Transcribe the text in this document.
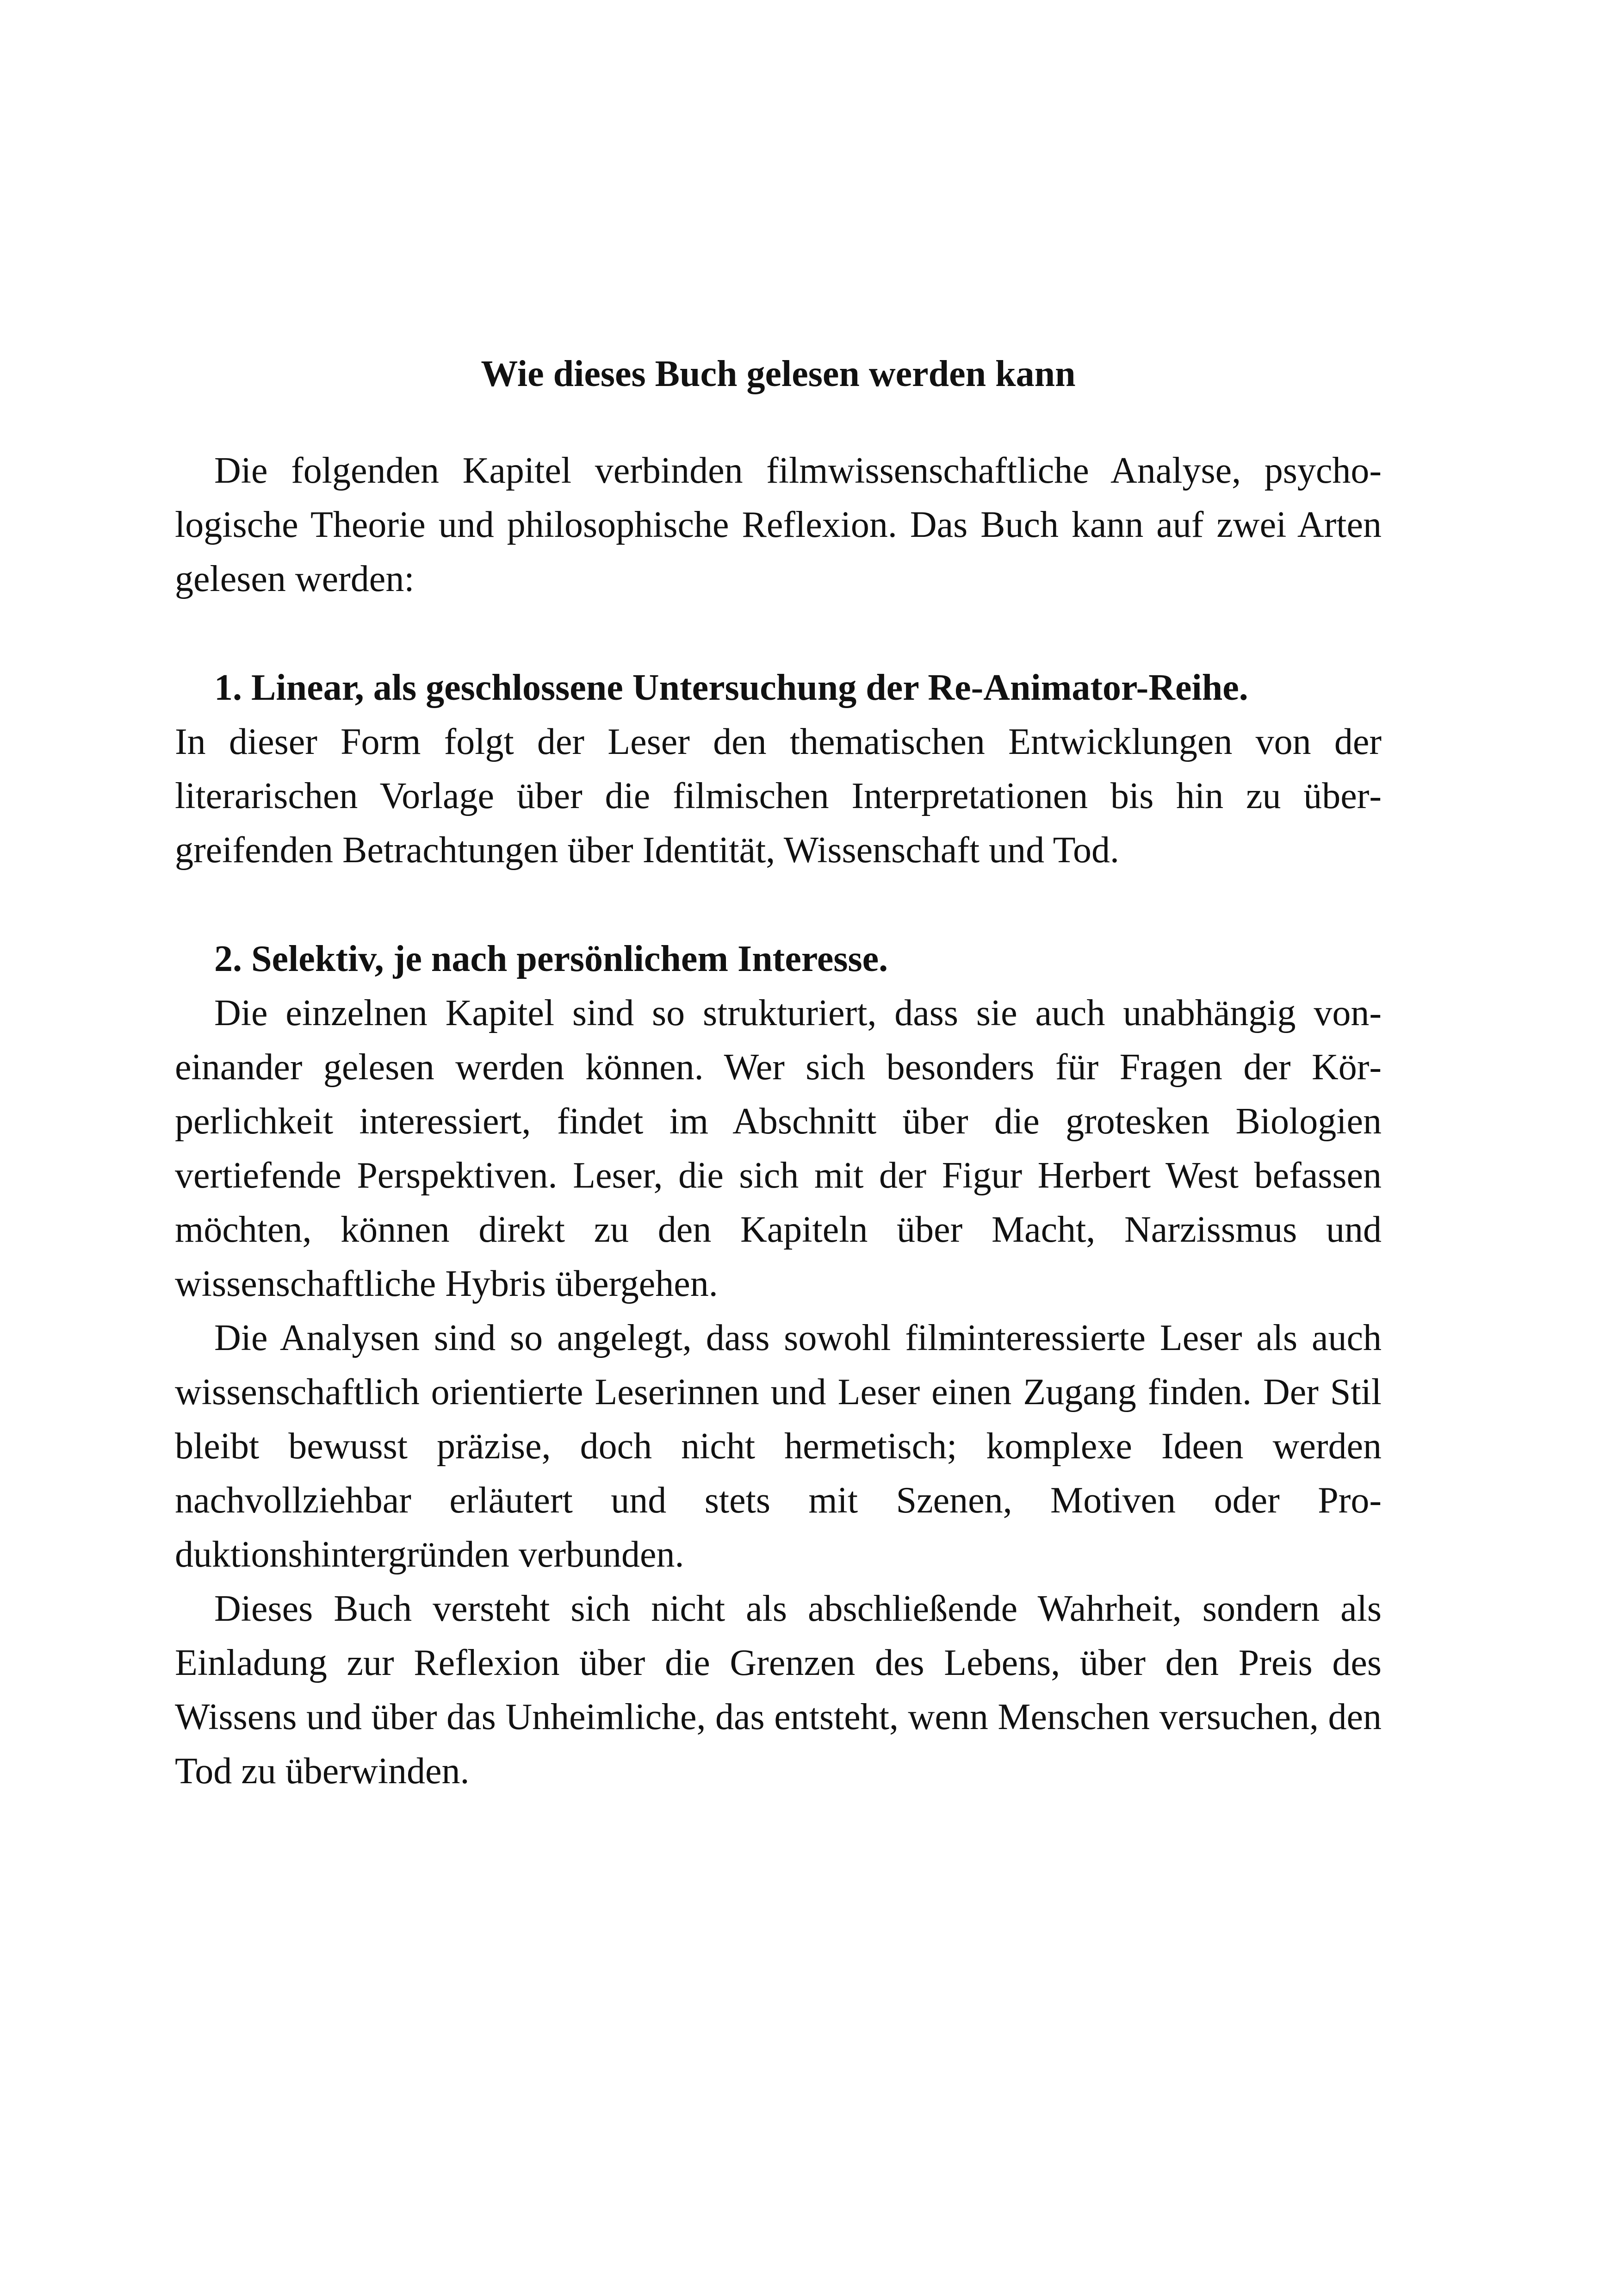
Wie dieses Buch gelesen werden kann

Die folgenden Kapitel verbinden filmwissenschaftliche Analyse, psychologische Theorie und philosophische Reflexion. Das Buch kann auf zwei Arten gelesen werden:

1. Linear, als geschlossene Untersuchung der Re-Animator-Reihe.

In dieser Form folgt der Leser den thematischen Entwicklungen von der literarischen Vorlage über die filmischen Interpretationen bis hin zu übergreifenden Betrachtungen über Identität, Wissenschaft und Tod.

2. Selektiv, je nach persönlichem Interesse.

Die einzelnen Kapitel sind so strukturiert, dass sie auch unabhängig voneinander gelesen werden können. Wer sich besonders für Fragen der Körperlichkeit interessiert, findet im Abschnitt über die grotesken Biologien vertiefende Perspektiven. Leser, die sich mit der Figur Herbert West befassen möchten, können direkt zu den Kapiteln über Macht, Narzissmus und wissenschaftliche Hybris übergehen.

Die Analysen sind so angelegt, dass sowohl filminteressierte Leser als auch wissenschaftlich orientierte Leserinnen und Leser einen Zugang finden. Der Stil bleibt bewusst präzise, doch nicht hermetisch; komplexe Ideen werden nachvollziehbar erläutert und stets mit Szenen, Motiven oder Produktionshintergründen verbunden.

Dieses Buch versteht sich nicht als abschließende Wahrheit, sondern als Einladung zur Reflexion über die Grenzen des Lebens, über den Preis des Wissens und über das Unheimliche, das entsteht, wenn Menschen versuchen, den Tod zu überwinden.
